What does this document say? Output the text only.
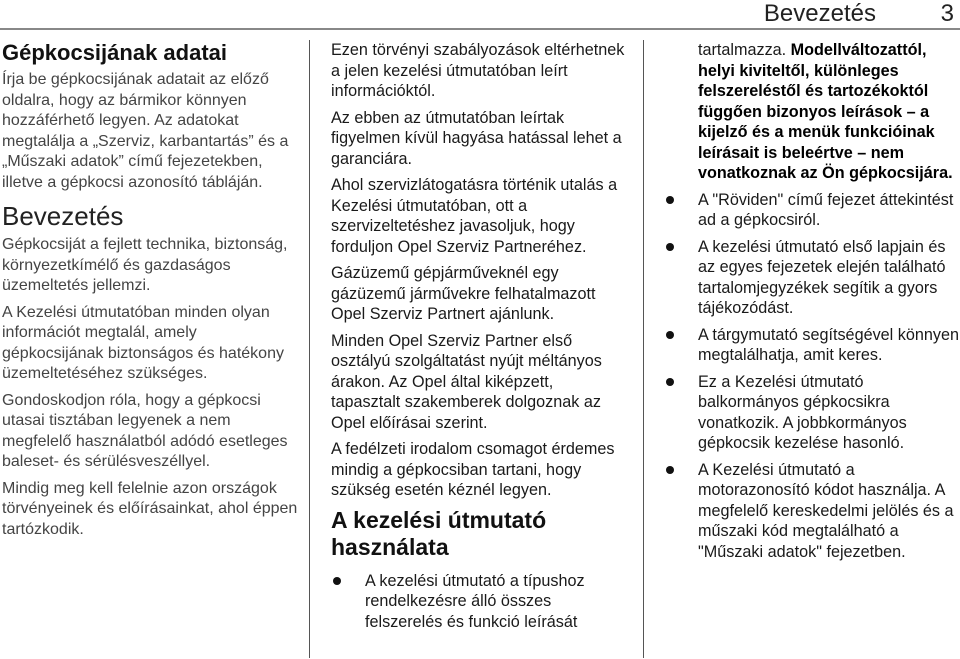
Bevezetés	3
Gépkocsijának adatai

Írja be gépkocsijának adatait az előző oldalra, hogy az bármikor könnyen hozzáférhető legyen. Az adatokat megtalálja a „Szerviz, karbantartás” és a „Műszaki adatok” című fejezetekben, illetve a gépkocsi azonosító tábláján.

Bevezetés

Gépkocsiját a fejlett technika, biztonság, környezetkímélő és gazdaságos üzemeltetés jellemzi.

A Kezelési útmutatóban minden olyan információt megtalál, amely gépkocsijának biztonságos és hatékony üzemeltetéséhez szükséges.

Gondoskodjon róla, hogy a gépkocsi utasai tisztában legyenek a nem megfelelő használatból adódó esetleges baleset- és sérülésveszéllyel.

Mindig meg kell felelnie azon országok törvényeinek és előírásainkat, ahol éppen tartózkodik.

Ezen törvényi szabályozások eltérhetnek a jelen kezelési útmutatóban leírt információktól.

Az ebben az útmutatóban leírtak figyelmen kívül hagyása hatással lehet a garanciára.

Ahol szervizlátogatásra történik utalás a Kezelési útmutatóban, ott a szervizeltetéshez javasoljuk, hogy forduljon Opel Szerviz Partneréhez.

Gázüzemű gépjárműveknél egy gázüzemű járművekre felhatalmazott Opel Szerviz Partnert ajánlunk.

Minden Opel Szerviz Partner első osztályú szolgáltatást nyújt méltányos árakon. Az Opel által kiképzett, tapasztalt szakemberek dolgoznak az Opel előírásai szerint.

A fedélzeti irodalom csomagot érdemes mindig a gépkocsiban tartani, hogy szükség esetén kéznél legyen.

A kezelési útmutató használata
A kezelési útmutató a típushoz rendelkezésre álló összes felszerelés és funkció leírását
tartalmazza. Modellváltozattól, helyi kiviteltől, különleges felszereléstől és tartozékoktól függően bizonyos leírások – a kijelző és a menük funkcióinak leírásait is beleértve – nem vonatkoznak az Ön gépkocsijára.
A "Röviden" című fejezet áttekintést ad a gépkocsiról.
A kezelési útmutató első lapjain és az egyes fejezetek elején található tartalomjegyzékek segítik a gyors tájékozódást.
A tárgymutató segítségével könnyen megtalálhatja, amit keres.
Ez a Kezelési útmutató balkormányos gépkocsikra vonatkozik. A jobbkormányos gépkocsik kezelése hasonló.
A Kezelési útmutató a motorazonosító kódot használja. A megfelelő kereskedelmi jelölés és a műszaki kód megtalálható a "Műszaki adatok" fejezetben.
